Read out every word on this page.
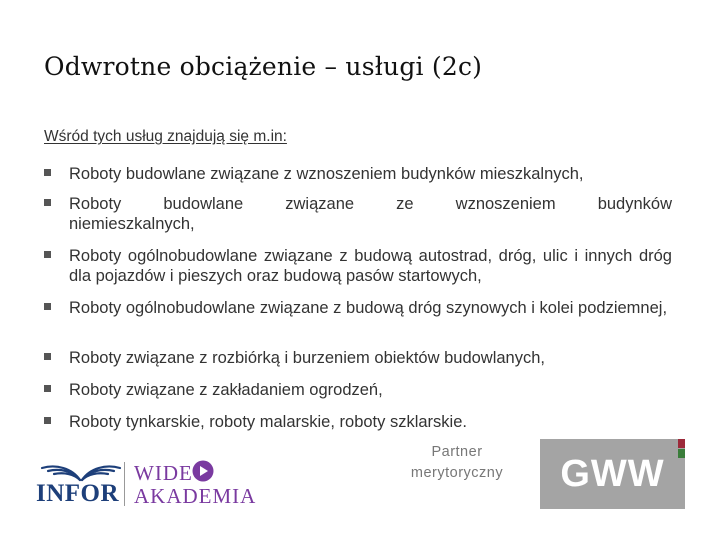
Odwrotne obciążenie – usługi (2c)
Wśród tych usług znajdują się m.in:
Roboty budowlane związane z wznoszeniem budynków mieszkalnych,
Roboty budowlane związane ze wznoszeniem budynków niemieszkalnych,
Roboty ogólnobudowlane związane z budową autostrad, dróg, ulic i innych dróg dla pojazdów i pieszych oraz budową pasów startowych,
Roboty ogólnobudowlane związane z budową dróg szynowych i kolei podziemnej,
Roboty związane z rozbiórką i burzeniem obiektów budowlanych,
Roboty związane z zakładaniem ogrodzeń,
Roboty tynkarskie, roboty malarskie, roboty szklarskie.
INFOR
WIDE
AKADEMIA
Partner
merytoryczny GWW
